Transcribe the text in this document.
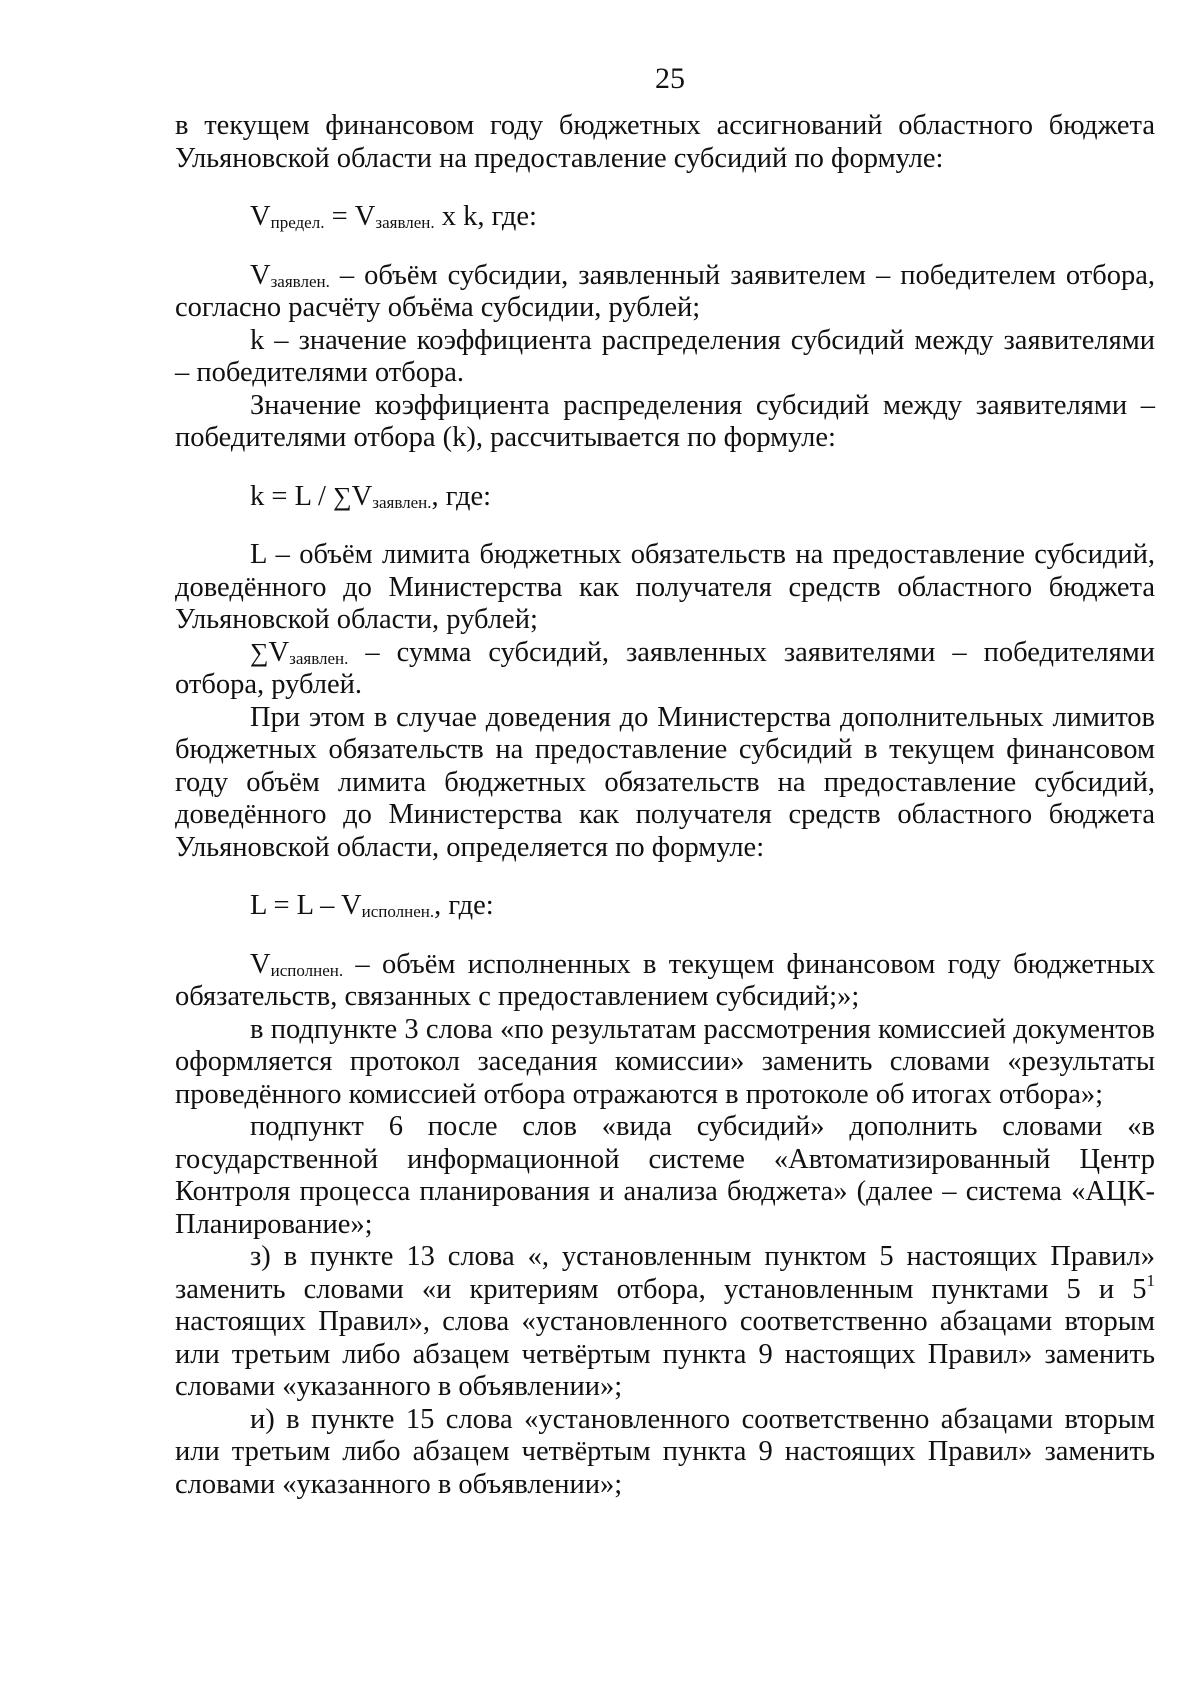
25

в текущем финансовом году бюджетных ассигнований областного бюджета Ульяновской области на предоставление субсидий по формуле:

$V_{предел.} = V_{заявлен.}$ x k, где:

$V_{заявлен.}$ – объём субсидии, заявленный заявителем – победителем отбора, согласно расчёту объёма субсидии, рублей;

k – значение коэффициента распределения субсидий между заявителями – победителями отбора.

Значение коэффициента распределения субсидий между заявителями – победителями отбора (k), рассчитывается по формуле:

$k = L / \sum V_{заявлен.}$, где:

L – объём лимита бюджетных обязательств на предоставление субсидий, доведённого до Министерства как получателя средств областного бюджета Ульяновской области, рублей;

$\sum V_{заявлен.}$ – сумма субсидий, заявленных заявителями – победителями отбора, рублей.

При этом в случае доведения до Министерства дополнительных лимитов бюджетных обязательств на предоставление субсидий в текущем финансовом году объём лимита бюджетных обязательств на предоставление субсидий, доведённого до Министерства как получателя средств областного бюджета Ульяновской области, определяется по формуле:

$L = L - V_{исполнен.}$, где:

$V_{исполнен.}$ – объём исполненных в текущем финансовом году бюджетных обязательств, связанных с предоставлением субсидий;»;

в подпункте 3 слова «по результатам рассмотрения комиссией документов оформляется протокол заседания комиссии» заменить словами «результаты проведённого комиссией отбора отражаются в протоколе об итогах отбора»;

подпункт 6 после слов «вида субсидий» дополнить словами «в государственной информационной системе «Автоматизированный Центр Контроля процесса планирования и анализа бюджета» (далее – система «АЦК-Планирование»;

з) в пункте 13 слова «, установленным пунктом 5 настоящих Правил» заменить словами «и критериям отбора, установленным пунктами 5 и $5^1$ настоящих Правил», слова «установленного соответственно абзацами вторым или третьим либо абзацем четвёртым пункта 9 настоящих Правил» заменить словами «указанного в объявлении»;

и) в пункте 15 слова «установленного соответственно абзацами вторым или третьим либо абзацем четвёртым пункта 9 настоящих Правил» заменить словами «указанного в объявлении»;
